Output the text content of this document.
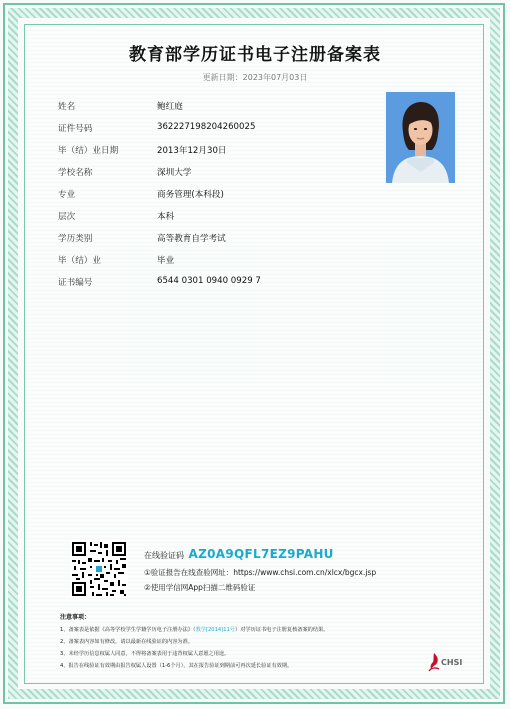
教育部学历证书电子注册备案表
更新日期：2023年07月03日
姓名	鲍红庭
证件号码	362227198204260025
毕（结）业日期	2013年12月30日
学校名称	深圳大学
专业	商务管理(本科段)
层次	本科
学历类别	高等教育自学考试
毕（结）业	毕业
证书编号	6544 0301 0940 0929 7
在线验证码 AZ0A9QFL7EZ9PAHU
①验证报告在线查验网址：https://www.chsi.com.cn/xlcx/bgcx.jsp
②使用学信网App扫描二维码验证
注意事项：
1、备案表是依据《高等学校学生学籍学历电子注册办法》（教学[2014]11号）对学历证书电子注册复核备案的结果。
2、备案表内容如有修改，请以最新在线验证的内容为准。
3、未经学历信息权属人同意，不得将备案表用于违背权属人意愿之用途。
4、报告在线验证有效期由报告权属人设置（1-6个月），其在报告验证到期前可再次延长验证有效期。	CHSI
